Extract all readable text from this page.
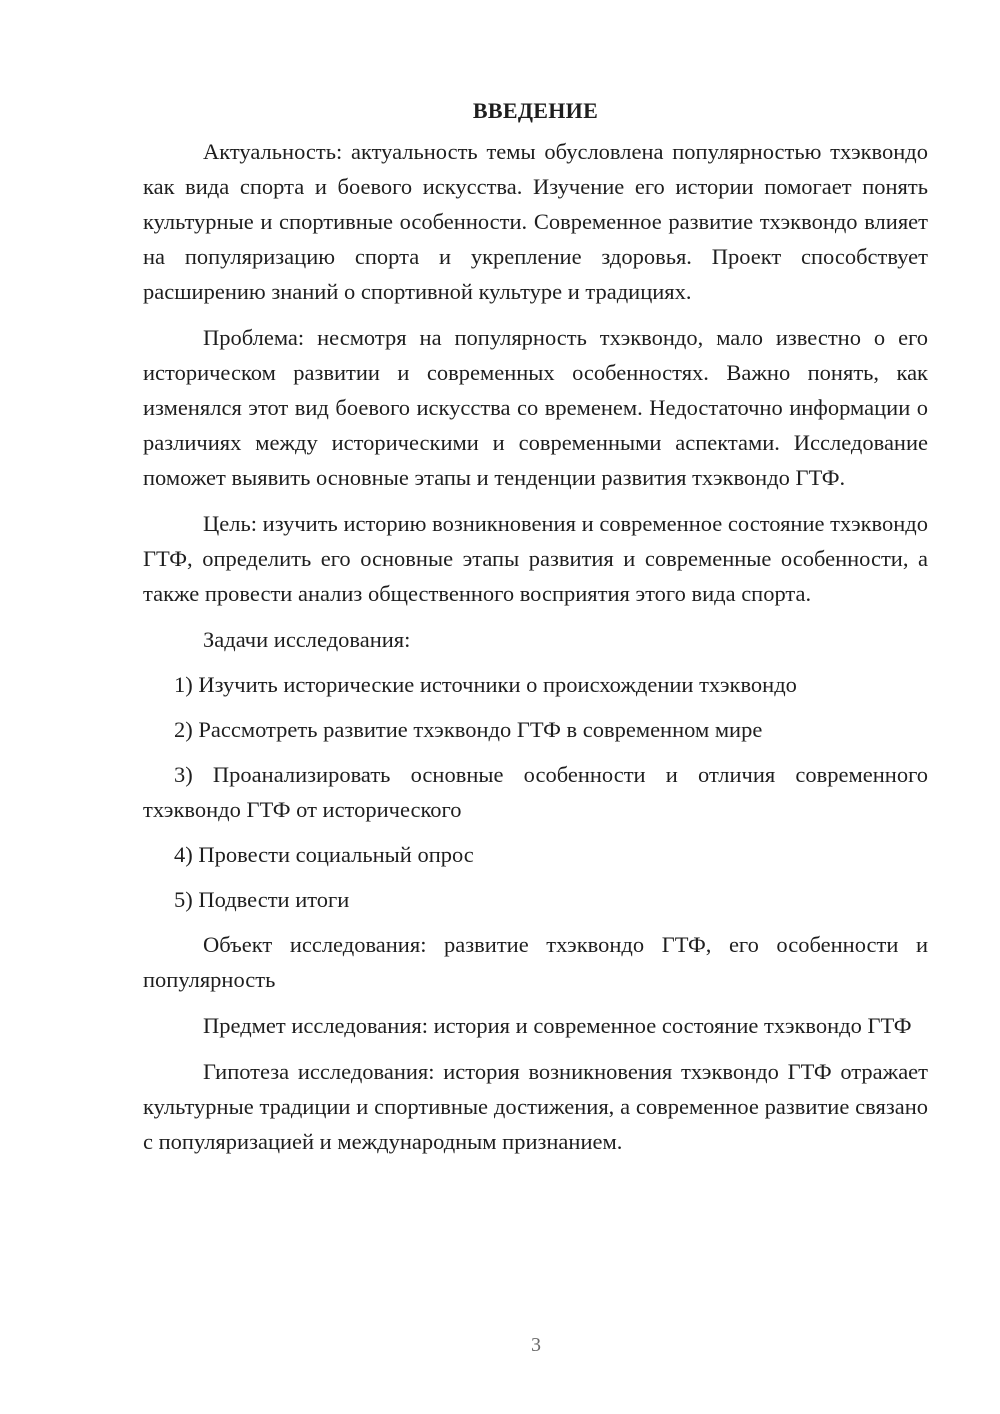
ВВЕДЕНИЕ

Актуальность: актуальность темы обусловлена популярностью тхэквондо как вида спорта и боевого искусства. Изучение его истории помогает понять культурные и спортивные особенности. Современное развитие тхэквондо влияет на популяризацию спорта и укрепление здоровья. Проект способствует расширению знаний о спортивной культуре и традициях.

Проблема: несмотря на популярность тхэквондо, мало известно о его историческом развитии и современных особенностях. Важно понять, как изменялся этот вид боевого искусства со временем. Недостаточно информации о различиях между историческими и современными аспектами. Исследование поможет выявить основные этапы и тенденции развития тхэквондо ГТФ.

Цель: изучить историю возникновения и современное состояние тхэквондо ГТФ, определить его основные этапы развития и современные особенности, а также провести анализ общественного восприятия этого вида спорта.

Задачи исследования:

1) Изучить исторические источники о происхождении тхэквондо
2) Рассмотреть развитие тхэквондо ГТФ в современном мире
3) Проанализировать основные особенности и отличия современного тхэквондо ГТФ от исторического
4) Провести социальный опрос
5) Подвести итоги

Объект исследования: развитие тхэквондо ГТФ, его особенности и популярность

Предмет исследования: история и современное состояние тхэквондо ГТФ

Гипотеза исследования: история возникновения тхэквондо ГТФ отражает культурные традиции и спортивные достижения, а современное развитие связано с популяризацией и международным признанием.

3
